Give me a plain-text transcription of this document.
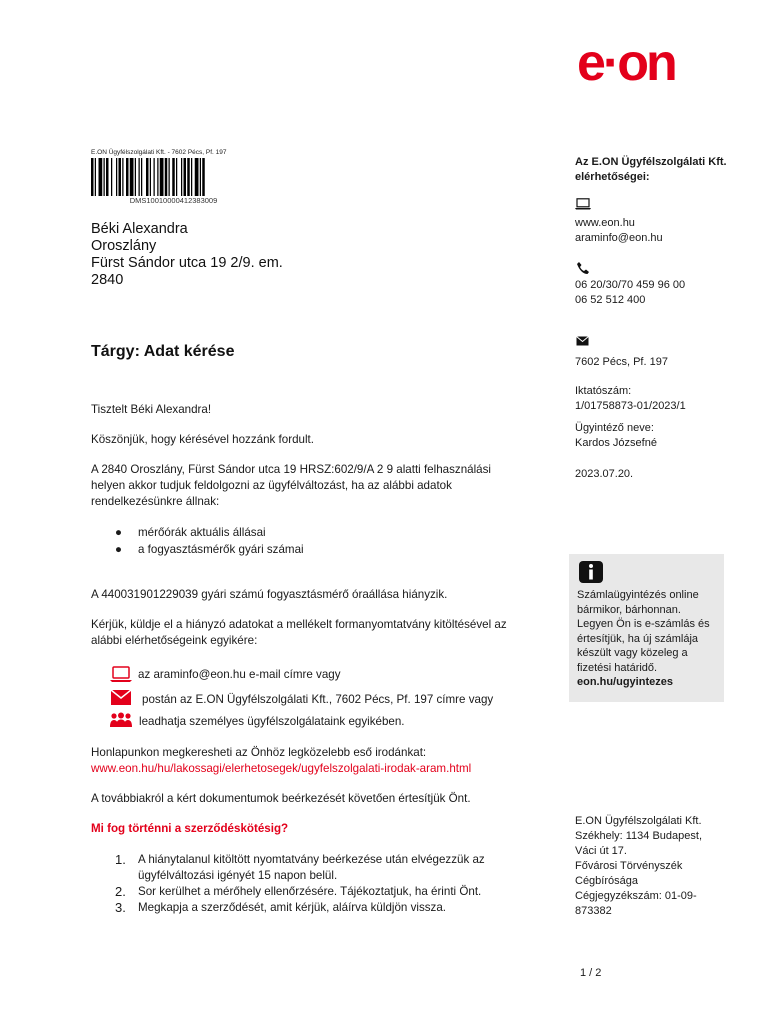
e·on
E.ON Ügyfélszolgálati Kft. - 7602 Pécs, Pf. 197
DMS1001000041238300​9
Béki Alexandra
Oroszlány
Fürst Sándor utca 19 2/9. em.
2840
Tárgy: Adat kérése
Tisztelt Béki Alexandra!
Köszönjük, hogy kérésével hozzánk fordult.
A 2840 Oroszlány, Fürst Sándor utca 19 HRSZ:602/9/A 2 9 alatti felhasználási helyen akkor tudjuk feldolgozni az ügyfélváltozást, ha az alábbi adatok rendelkezésünkre állnak:
● mérőórák aktuális állásai
● a fogyasztásmérők gyári számai
A 440031901229039 gyári számú fogyasztásmérő óraállása hiányzik.
Kérjük, küldje el a hiányzó adatokat a mellékelt formanyomtatvány kitöltésével az alábbi elérhetőségeink egyikére:
az araminfo@eon.hu e-mail címre vagy
postán az E.ON Ügyfélszolgálati Kft., 7602 Pécs, Pf. 197 címre vagy
leadhatja személyes ügyfélszolgálataink egyikében.
Honlapunkon megkeresheti az Önhöz legközelebb eső irodánkat:
www.eon.hu/hu/lakossagi/elerhetosegek/ugyfelszolgalati-irodak-aram.html
A továbbiakról a kért dokumentumok beérkezését követően értesítjük Önt.
Mi fog történni a szerződéskötésig?
1. A hiánytalanul kitöltött nyomtatvány beérkezése után elvégezzük az ügyfélváltozási igényét 15 napon belül.
2. Sor kerülhet a mérőhely ellenőrzésére. Tájékoztatjuk, ha érinti Önt.
3. Megkapja a szerződését, amit kérjük, aláírva küldjön vissza.
Az E.ON Ügyfélszolgálati Kft. elérhetőségei:
www.eon.hu
araminfo@eon.hu
06 20/30/70 459 96 00
06 52 512 400
7602 Pécs, Pf. 197
Iktatószám:
1/01758873-01/2023/1
Ügyintéző neve:
Kardos Józsefné
2023.07.20.
Számlaügyintézés online bármikor, bárhonnan. Legyen Ön is e-számlás és értesítjük, ha új számlája készült vagy közeleg a fizetési határidő.
eon.hu/ugyintezes
E.ON Ügyfélszolgálati Kft.
Székhely: 1134 Budapest, Váci út 17.
Fővárosi Törvényszék Cégbírósága
Cégjegyzékszám: 01-09-873382
1 / 2
